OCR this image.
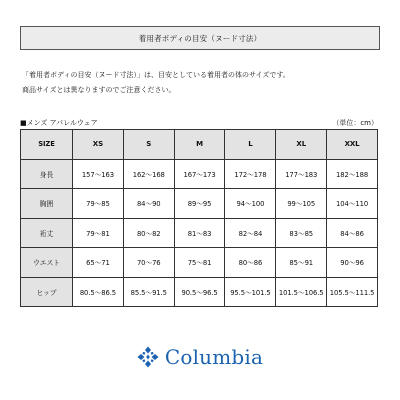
着用者ボディの目安（ヌード寸法）
「着用者ボディの目安（ヌード寸法）」は、目安としている着用者の体のサイズです。
商品サイズとは異なりますのでご注意ください。
■メンズ アパレルウェア	（単位：cm）
SIZE	XS	S	M	L	XL	XXL
身長	157～163	162～168	167～173	172～178	177～183	182～188
胸囲	79～85	84～90	89～95	94～100	99～105	104～110
裄丈	79～81	80～82	81～83	82～84	83～85	84～86
ウエスト	65～71	70～76	75～81	80～86	85～91	90～96
ヒップ	80.5～86.5	85.5～91.5	90.5～96.5	95.5～101.5	101.5～106.5	105.5～111.5
Columbia
